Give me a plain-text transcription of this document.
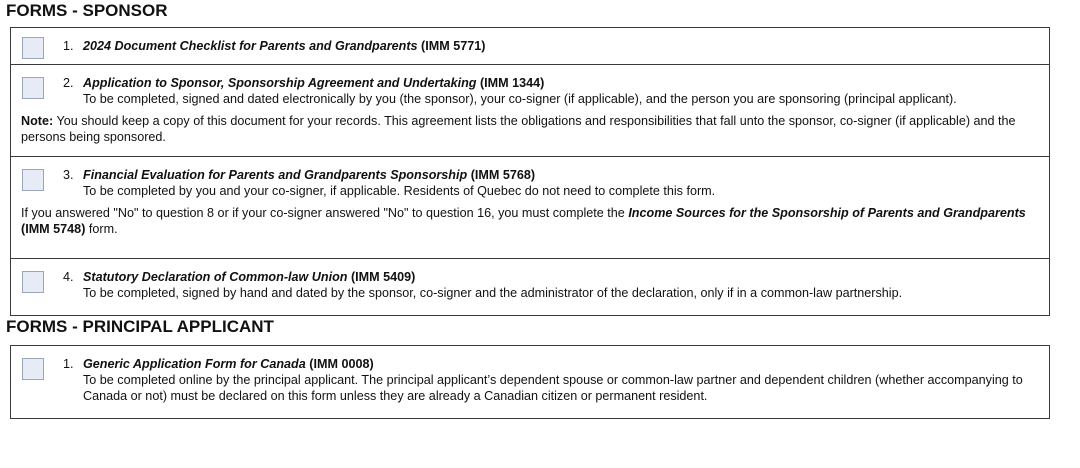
FORMS - SPONSOR
1. 2024 Document Checklist for Parents and Grandparents (IMM 5771)
2. Application to Sponsor, Sponsorship Agreement and Undertaking (IMM 1344)
To be completed, signed and dated electronically by you (the sponsor), your co-signer (if applicable), and the person you are sponsoring (principal applicant).
Note: You should keep a copy of this document for your records. This agreement lists the obligations and responsibilities that fall unto the sponsor, co-signer (if applicable) and the persons being sponsored.
3. Financial Evaluation for Parents and Grandparents Sponsorship (IMM 5768)
To be completed by you and your co-signer, if applicable. Residents of Quebec do not need to complete this form.
If you answered "No" to question 8 or if your co-signer answered "No" to question 16, you must complete the Income Sources for the Sponsorship of Parents and Grandparents (IMM 5748) form.
4. Statutory Declaration of Common-law Union (IMM 5409)
To be completed, signed by hand and dated by the sponsor, co-signer and the administrator of the declaration, only if in a common-law partnership.
FORMS - PRINCIPAL APPLICANT
1. Generic Application Form for Canada (IMM 0008)
To be completed online by the principal applicant. The principal applicant’s dependent spouse or common-law partner and dependent children (whether accompanying to Canada or not) must be declared on this form unless they are already a Canadian citizen or permanent resident.
